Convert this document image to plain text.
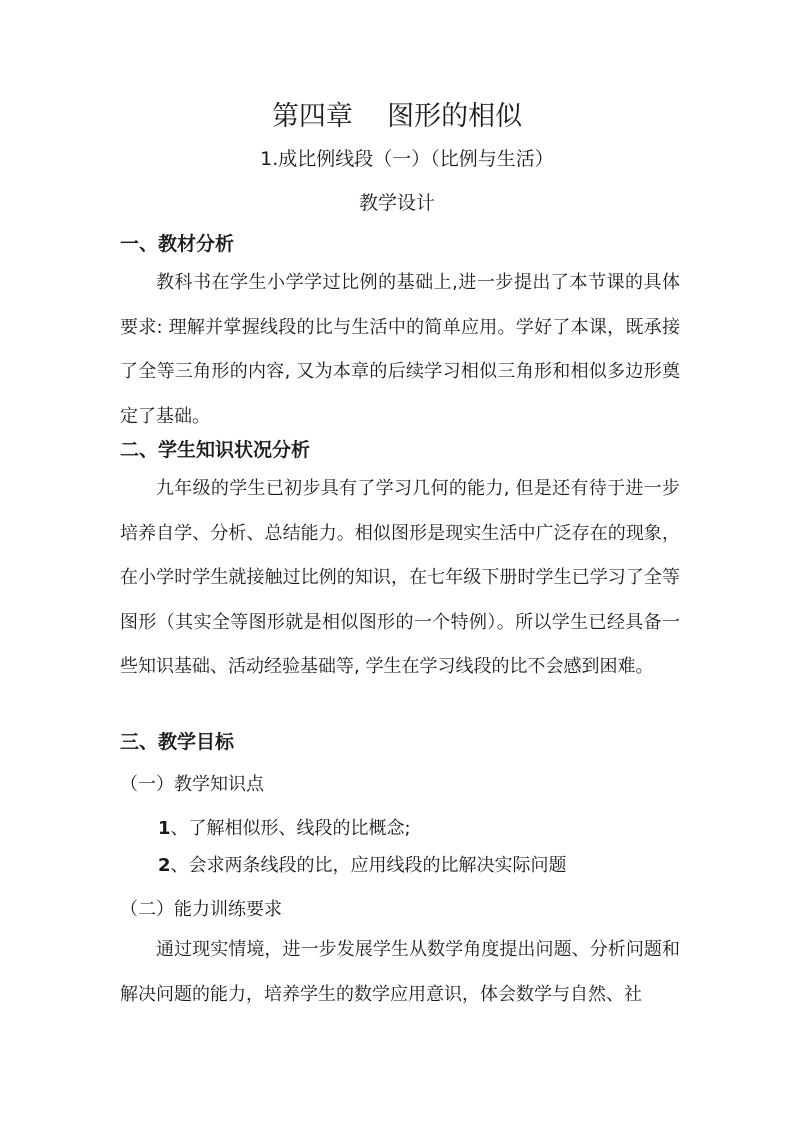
第四章    图形的相似
1.成比例线段（一）（比例与生活）
教学设计
一、教材分析
教科书在学生小学学过比例的基础上,进一步提出了本节课的具体要求: 理解并掌握线段的比与生活中的简单应用。学好了本课，既承接了全等三角形的内容, 又为本章的后续学习相似三角形和相似多边形奠定了基础。
二、学生知识状况分析
九年级的学生已初步具有了学习几何的能力, 但是还有待于进一步培养自学、分析、总结能力。相似图形是现实生活中广泛存在的现象，在小学时学生就接触过比例的知识，在七年级下册时学生已学习了全等图形（其实全等图形就是相似图形的一个特例）。所以学生已经具备一些知识基础、活动经验基础等, 学生在学习线段的比不会感到困难。
三、教学目标
（一）教学知识点
1、了解相似形、线段的比概念;
2、会求两条线段的比，应用线段的比解决实际问题
（二）能力训练要求
通过现实情境，进一步发展学生从数学角度提出问题、分析问题和解决问题的能力，培养学生的数学应用意识，体会数学与自然、社
